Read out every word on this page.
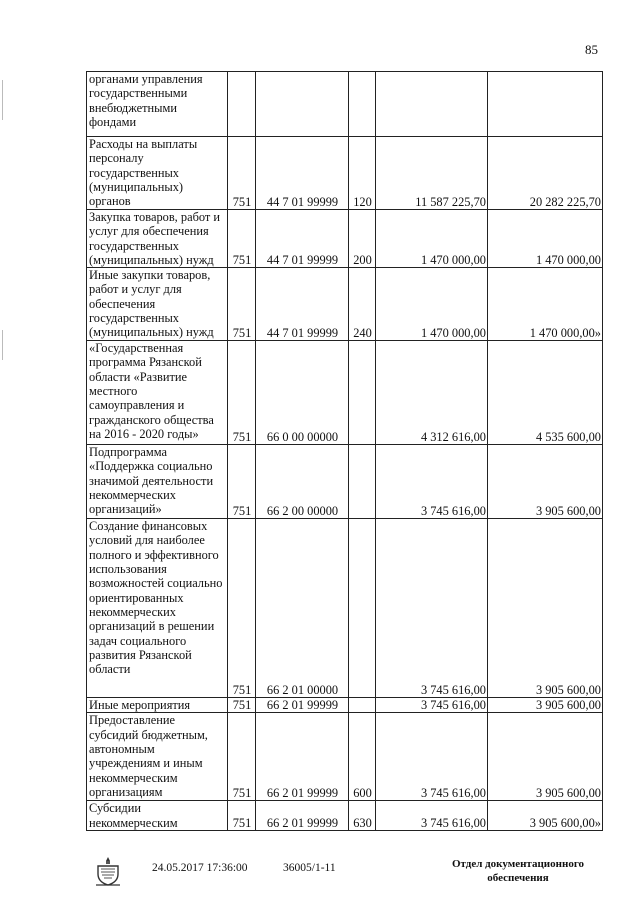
85
органами управления государственными внебюджетными фондами					
Расходы на выплаты персоналу государственных (муниципальных) органов	751	44 7 01 99999	120	11 587 225,70	20 282 225,70
Закупка товаров, работ и услуг для обеспечения государственных (муниципальных) нужд	751	44 7 01 99999	200	1 470 000,00	1 470 000,00
Иные закупки товаров, работ и услуг для обеспечения государственных (муниципальных) нужд	751	44 7 01 99999	240	1 470 000,00	1 470 000,00»
«Государственная программа Рязанской области «Развитие местного самоуправления и гражданского общества на 2016 - 2020 годы»	751	66 0 00 00000		4 312 616,00	4 535 600,00
Подпрограмма «Поддержка социально значимой деятельности некоммерческих организаций»	751	66 2 00 00000		3 745 616,00	3 905 600,00
Создание финансовых условий для наиболее полного и эффективного использования возможностей социально ориентированных некоммерческих организаций в решении задач социального развития Рязанской области	751	66 2 01 00000		3 745 616,00	3 905 600,00
Иные мероприятия	751	66 2 01 99999		3 745 616,00	3 905 600,00
Предоставление субсидий бюджетным, автономным учреждениям и иным некоммерческим организациям	751	66 2 01 99999	600	3 745 616,00	3 905 600,00
Субсидии некоммерческим	751	66 2 01 99999	630	3 745 616,00	3 905 600,00»
24.05.2017 17:36:00	36005/1-11	Отдел документационного
обеспечения
